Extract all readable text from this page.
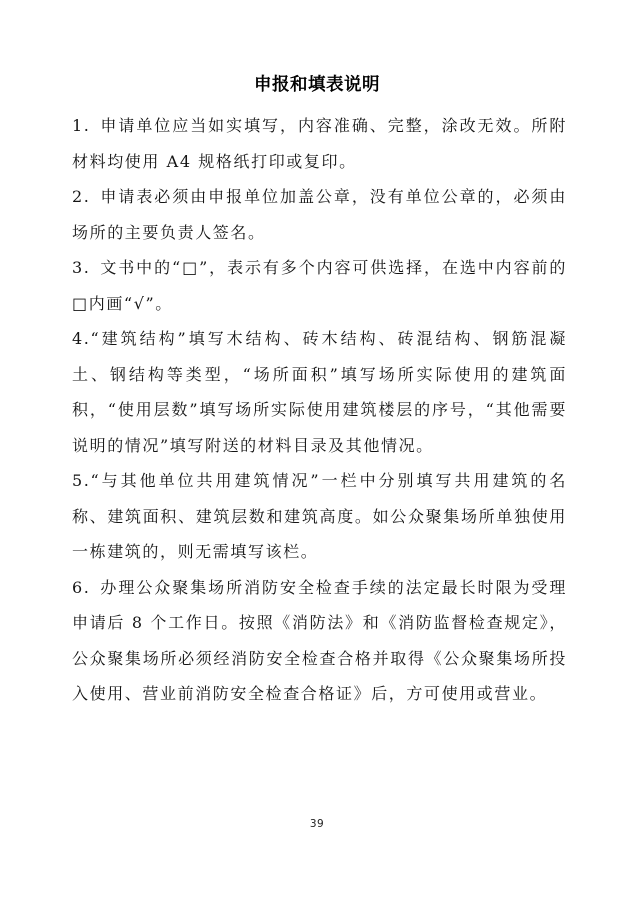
申报和填表说明

1. 申请单位应当如实填写，内容准确、完整，涂改无效。所附材料均使用 A4 规格纸打印或复印。

2. 申请表必须由申报单位加盖公章，没有单位公章的，必须由场所的主要负责人签名。

3. 文书中的“□”，表示有多个内容可供选择，在选中内容前的□内画“√”。

4.“建筑结构”填写木结构、砖木结构、砖混结构、钢筋混凝土、钢结构等类型，“场所面积”填写场所实际使用的建筑面积，“使用层数”填写场所实际使用建筑楼层的序号，“其他需要说明的情况”填写附送的材料目录及其他情况。

5.“与其他单位共用建筑情况”一栏中分别填写共用建筑的名称、建筑面积、建筑层数和建筑高度。如公众聚集场所单独使用一栋建筑的，则无需填写该栏。

6. 办理公众聚集场所消防安全检查手续的法定最长时限为受理申请后 8 个工作日。按照《消防法》和《消防监督检查规定》，公众聚集场所必须经消防安全检查合格并取得《公众聚集场所投入使用、营业前消防安全检查合格证》后，方可使用或营业。

39
